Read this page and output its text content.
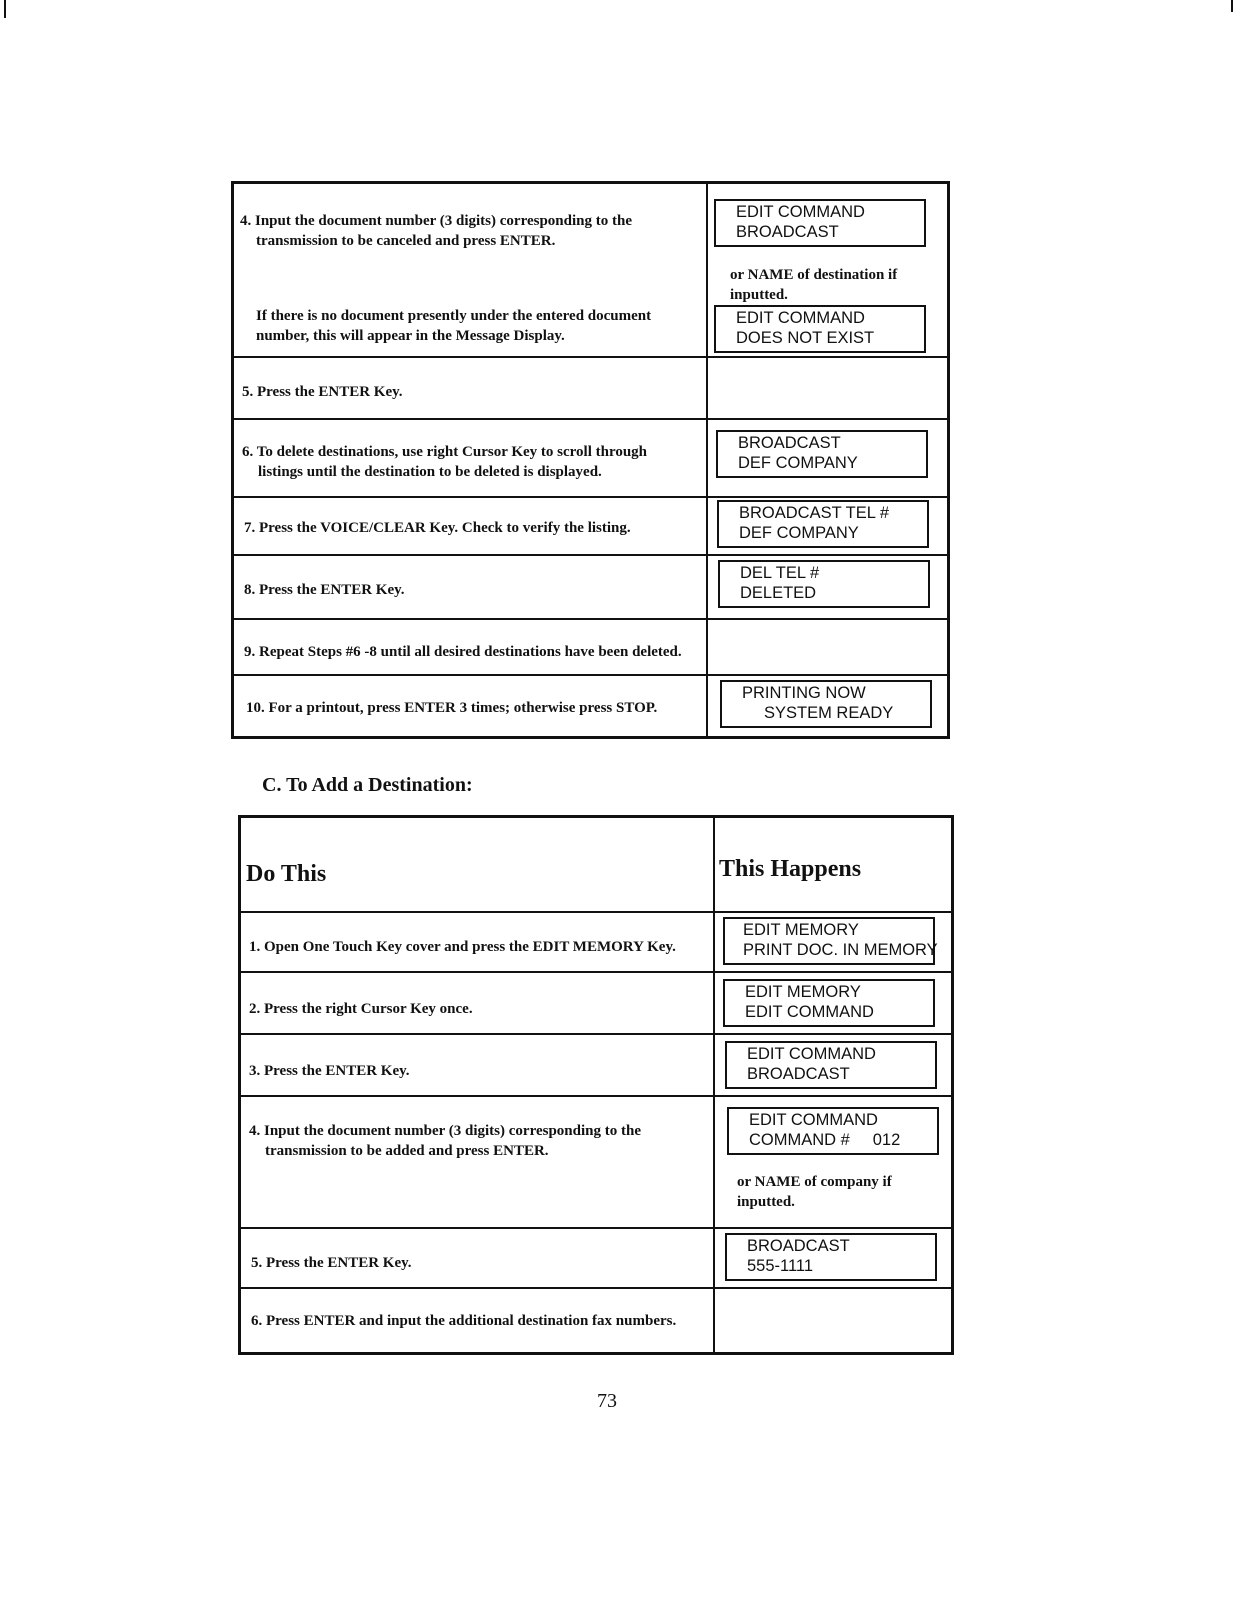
4. Input the document number (3 digits) corresponding to the
transmission to be canceled and press ENTER.
EDIT COMMAND
BROADCAST
or NAME of destination if
inputted.
If there is no document presently under the entered document
number, this will appear in the Message Display.
EDIT COMMAND
DOES NOT EXIST
5. Press the ENTER Key.
6. To delete destinations, use right Cursor Key to scroll through
listings until the destination to be deleted is displayed.
BROADCAST
DEF COMPANY
7. Press the VOICE/CLEAR Key. Check to verify the listing.
BROADCAST TEL #
DEF COMPANY
8. Press the ENTER Key.
DEL TEL #
DELETED
9. Repeat Steps #6 -8 until all desired destinations have been deleted.
10. For a printout, press ENTER 3 times; otherwise press STOP.
PRINTING NOW
SYSTEM READY
C. To Add a Destination:
Do This	This Happens
1. Open One Touch Key cover and press the EDIT MEMORY Key.
EDIT MEMORY
PRINT DOC. IN MEMORY
2. Press the right Cursor Key once.
EDIT MEMORY
EDIT COMMAND
3. Press the ENTER Key.
EDIT COMMAND
BROADCAST
4. Input the document number (3 digits) corresponding to the
transmission to be added and press ENTER.
EDIT COMMAND
COMMAND #     012
or NAME of company if
inputted.
5. Press the ENTER Key.
BROADCAST
555-1111
6. Press ENTER and input the additional destination fax numbers.
73
